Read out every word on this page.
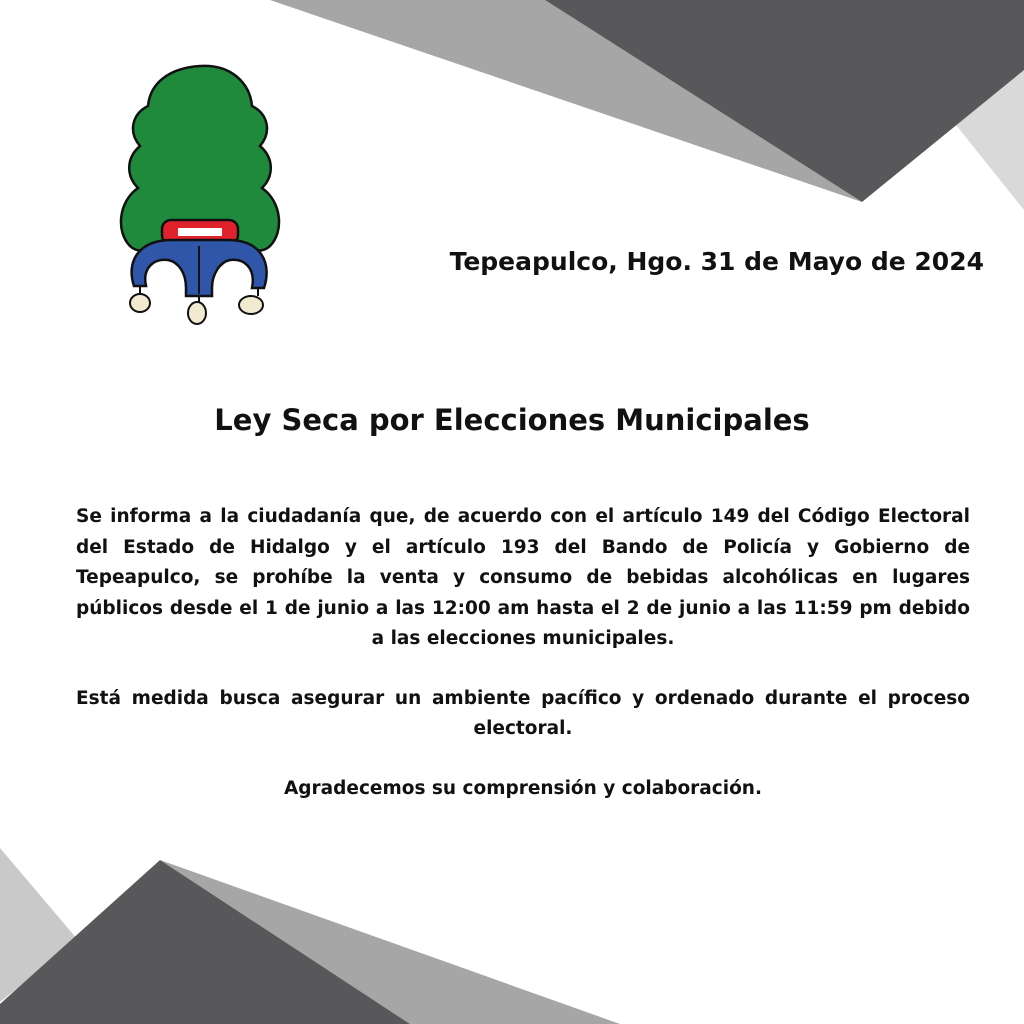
Tepeapulco, Hgo. 31 de Mayo de 2024
Ley Seca por Elecciones Municipales

Se informa a la ciudadanía que, de acuerdo con el artículo 149 del Código Electoral del Estado de Hidalgo y el artículo 193 del Bando de Policía y Gobierno de Tepeapulco, se prohíbe la venta y consumo de bebidas alcohólicas en lugares públicos desde el 1 de junio a las 12:00 am hasta el 2 de junio a las 11:59 pm debido a las elecciones municipales.

Está medida busca asegurar un ambiente pacífico y ordenado durante el proceso electoral.

Agradecemos su comprensión y colaboración.
